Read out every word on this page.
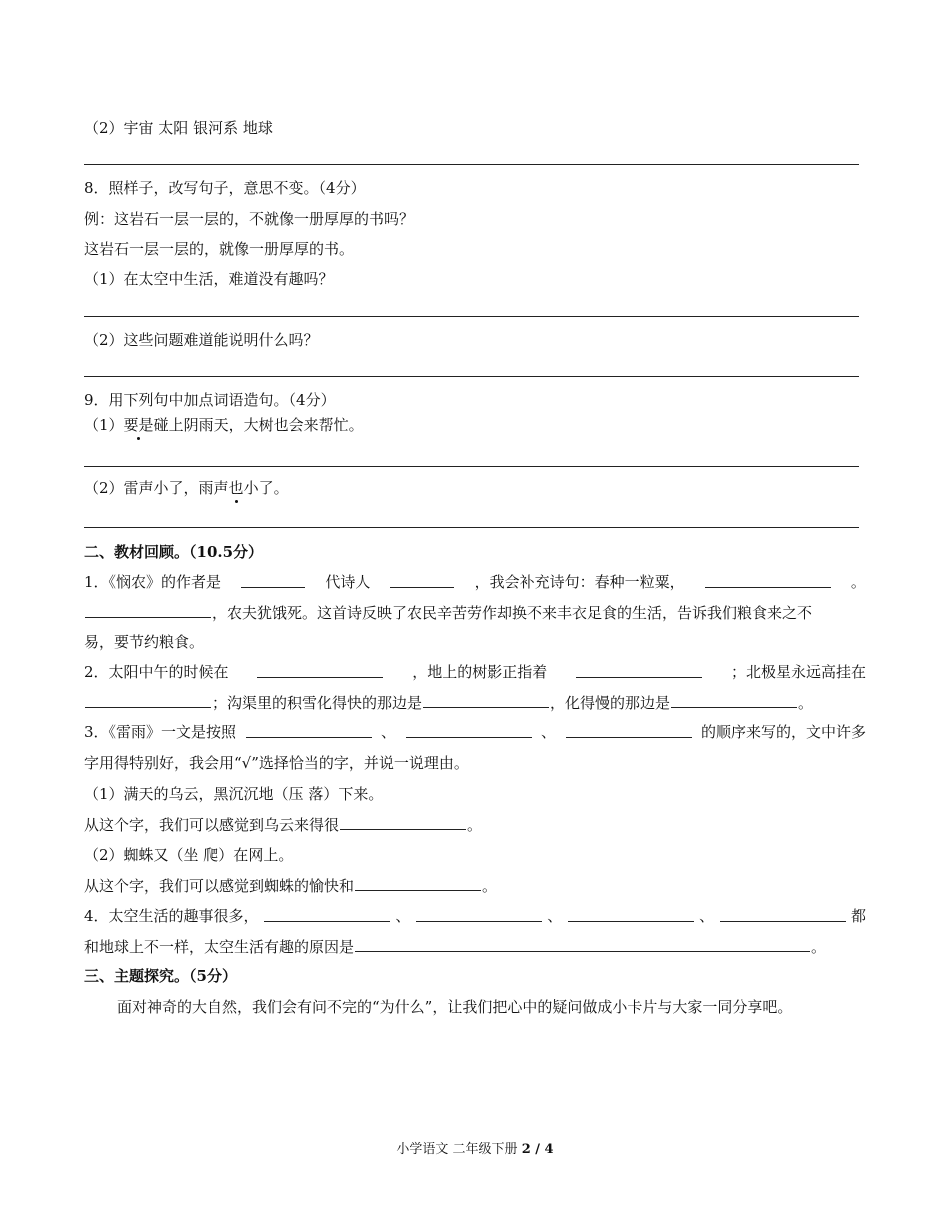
（2）宇宙 太阳 银河系 地球
8．照样子，改写句子，意思不变。（4分）
例：这岩石一层一层的，不就像一册厚厚的书吗？
这岩石一层一层的，就像一册厚厚的书。
（1）在太空中生活，难道没有趣吗？
（2）这些问题难道能说明什么吗？
9．用下列句中加点词语造句。（4分）
（1）要是碰上阴雨天，大树也会来帮忙。
（2）雷声小了，雨声也小了。
二、教材回顾。（10.5分）
1．《悯农》的作者是	代诗人	，我会补充诗句：春种一粒粟，	。
，农夫犹饿死。这首诗反映了农民辛苦劳作却换不来丰衣足食的生活，告诉我们粮食来之不
易，要节约粮食。
2．太阳中午的时候在	，地上的树影正指着	；北极星永远高挂在
；沟渠里的积雪化得快的那边是	，化得慢的那边是	。
3．《雷雨》一文是按照	、	、	的顺序来写的，文中许多
字用得特别好，我会用“√”选择恰当的字，并说一说理由。
（1）满天的乌云，黑沉沉地（压 落）下来。
从这个字，我们可以感觉到乌云来得很	。
（2）蜘蛛又（坐 爬）在网上。
从这个字，我们可以感觉到蜘蛛的愉快和	。
4．太空生活的趣事很多，	、	、	、	都
和地球上不一样，太空生活有趣的原因是	。
三、主题探究。（5分）
面对神奇的大自然，我们会有问不完的“为什么”，让我们把心中的疑问做成小卡片与大家一同分享吧。
小学语文 二年级下册 2 / 4
